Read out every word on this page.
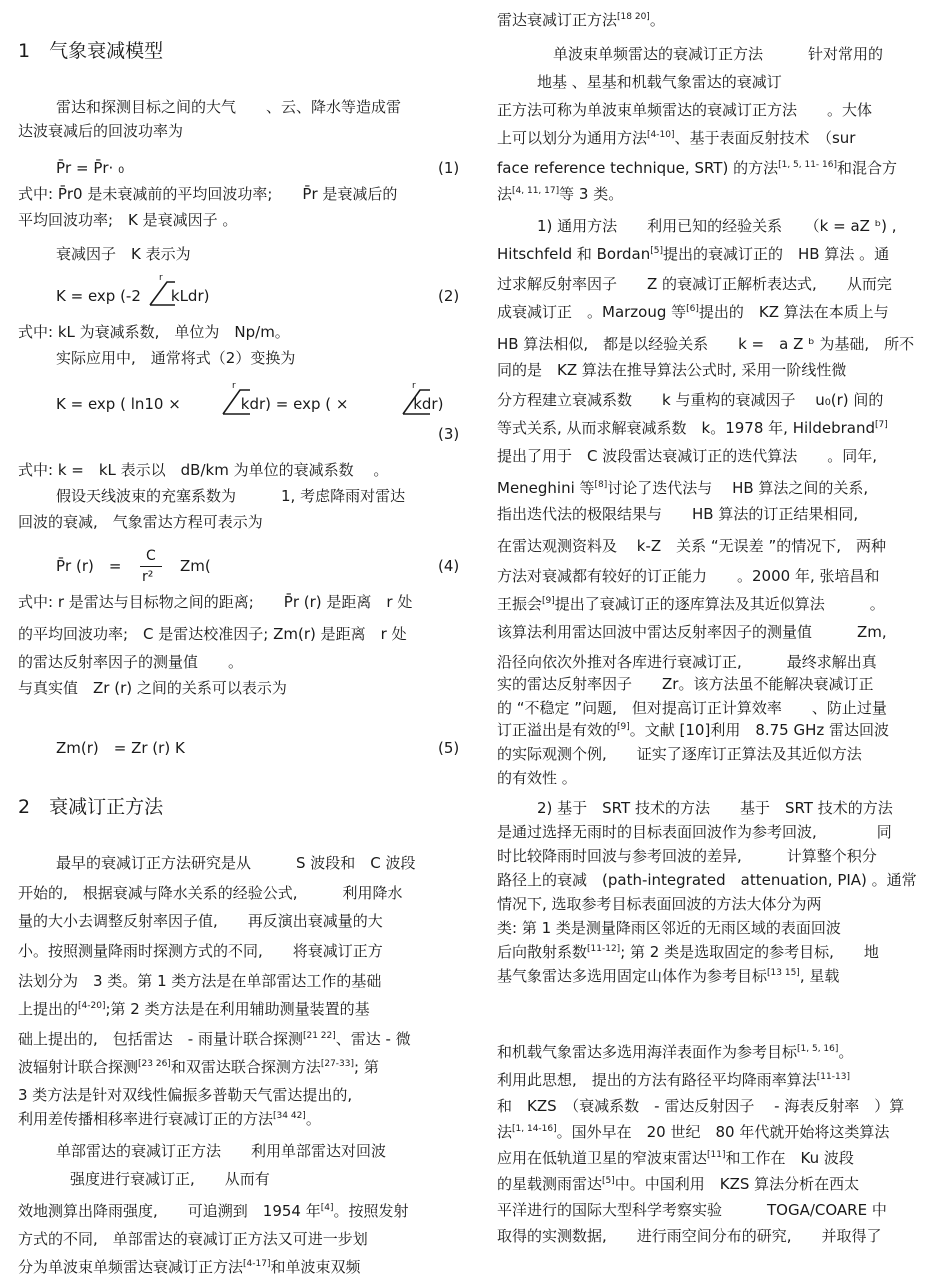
1　气象衰减模型
雷达和探测目标之间的大气　　、云、降水等造成雷
达波衰减后的回波功率为
P̄r = P̄r· ₀	(1)
式中: P̄r0 是未衰减前的平均回波功率;　　P̄r 是衰减后的
平均回波功率;　K 是衰减因子 。
衰减因子　K 表示为
r
K = exp (-2　　kLdr)	(2)
式中: kL 为衰减系数,　单位为　Np/m。
实际应用中,　通常将式（2）变换为
r	r
K = exp ( ln10 ×　　　　kdr) = exp ( ×　　　　 kdr)
(3)
式中: k =　kL 表示以　dB/km 为单位的衰减系数 　。
假设天线波束的充塞系数为　　　1, 考虑降雨对雷达
回波的衰减,　气象雷达方程可表示为
P̄r (r)　=
C
r²
Zm(	(4)
式中: r 是雷达与目标物之间的距离;　　P̄r (r) 是距离　r 处
的平均回波功率;　C 是雷达校准因子; Zm(r) 是距离　r 处
的雷达反射率因子的测量值　　。
与真实值　Zr (r) 之间的关系可以表示为
Zm(r)　= Zr (r) K	(5)
2　衰减订正方法
最早的衰减订正方法研究是从　　　S 波段和　C 波段
开始的,　根据衰减与降水关系的经验公式,　　　利用降水
量的大小去调整反射率因子值,　　再反演出衰减量的大
小。按照测量降雨时探测方式的不同,　　将衰减订正方
法划分为　3 类。第 1 类方法是在单部雷达工作的基础
上提出的[4-20];第 2 类方法是在利用辅助测量装置的基
础上提出的,　包括雷达　- 雨量计联合探测[21 22]、雷达 - 微
波辐射计联合探测[23 26]和双雷达联合探测方法[27-33]; 第
3 类方法是针对双线性偏振多普勒天气雷达提出的,
利用差传播相移率进行衰减订正的方法[34 42]。
单部雷达的衰减订正方法　　利用单部雷达对回波
强度进行衰减订正,　　从而有
效地测算出降雨强度,　　可追溯到　1954 年[4]。按照发射
方式的不同,　单部雷达的衰减订正方法又可进一步划
分为单波束单频雷达衰减订正方法[4-17]和单波束双频
雷达衰减订正方法[18 20]。
单波束单频雷达的衰减订正方法　　　针对常用的
地基 、星基和机载气象雷达的衰减订
正方法可称为单波束单频雷达的衰减订正方法　　。大体
上可以划分为通用方法[4-10]、基于表面反射技术　（sur
face reference technique, SRT) 的方法[1, 5, 11- 16]和混合方
法[4, 11, 17]等 3 类。
1) 通用方法　　利用已知的经验关系　　（k = aZ ᵇ) ,
Hitschfeld 和 Bordan[5]提出的衰减订正的　HB 算法 。通
过求解反射率因子　　Z 的衰减订正解析表达式,　　从而完
成衰减订正　。Marzoug 等[6]提出的　KZ 算法在本质上与
HB 算法相似,　都是以经验关系　　k =　a Z ᵇ 为基础,　所不
同的是　KZ 算法在推导算法公式时, 采用一阶线性微
分方程建立衰减系数　　k 与重构的衰减因子　 u₀(r) 间的
等式关系, 从而求解衰减系数　k。1978 年, Hildebrand[7]
提出了用于　C 波段雷达衰减订正的迭代算法　　。同年,
Meneghini 等[8]讨论了迭代法与　 HB 算法之间的关系,
指出迭代法的极限结果与　　HB 算法的订正结果相同,
在雷达观测资料及　 k-Z　关系 “无误差 ”的情况下,　两种
方法对衰减都有较好的订正能力　　。2000 年, 张培昌和
王振会[9]提出了衰减订正的逐库算法及其近似算法　　　。
该算法利用雷达回波中雷达反射率因子的测量值　　　Zm,
沿径向依次外推对各库进行衰减订正,　　　最终求解出真
实的雷达反射率因子　　Zr。该方法虽不能解决衰减订正
的 “不稳定 ”问题,　但对提高订正计算效率　　、防止过量
订正溢出是有效的[9]。文献 [10]利用　8.75 GHz 雷达回波
的实际观测个例,　　证实了逐库订正算法及其近似方法
的有效性 。
2) 基于　SRT 技术的方法　　基于　SRT 技术的方法
是通过选择无雨时的目标表面回波作为参考回波,　　　　同
时比较降雨时回波与参考回波的差异,　　　计算整个积分
路径上的衰减　(path-integrated　attenuation, PIA) 。通常
情况下, 选取参考目标表面回波的方法大体分为两
类: 第 1 类是测量降雨区邻近的无雨区域的表面回波
后向散射系数[11-12]; 第 2 类是选取固定的参考目标,　　地
基气象雷达多选用固定山体作为参考目标[13 15], 星载
和机载气象雷达多选用海洋表面作为参考目标[1, 5, 16]。
利用此思想,　提出的方法有路径平均降雨率算法[11-13]
和　KZS　（衰减系数　- 雷达反射因子　 - 海表反射率　）算
法[1, 14-16]。国外早在　20 世纪　80 年代就开始将这类算法
应用在低轨道卫星的窄波束雷达[11]和工作在　Ku 波段
的星载测雨雷达[5]中。中国利用　KZS 算法分析在西太
平洋进行的国际大型科学考察实验　　　TOGA/COARE 中
取得的实测数据,　　进行雨空间分布的研究,　　并取得了
